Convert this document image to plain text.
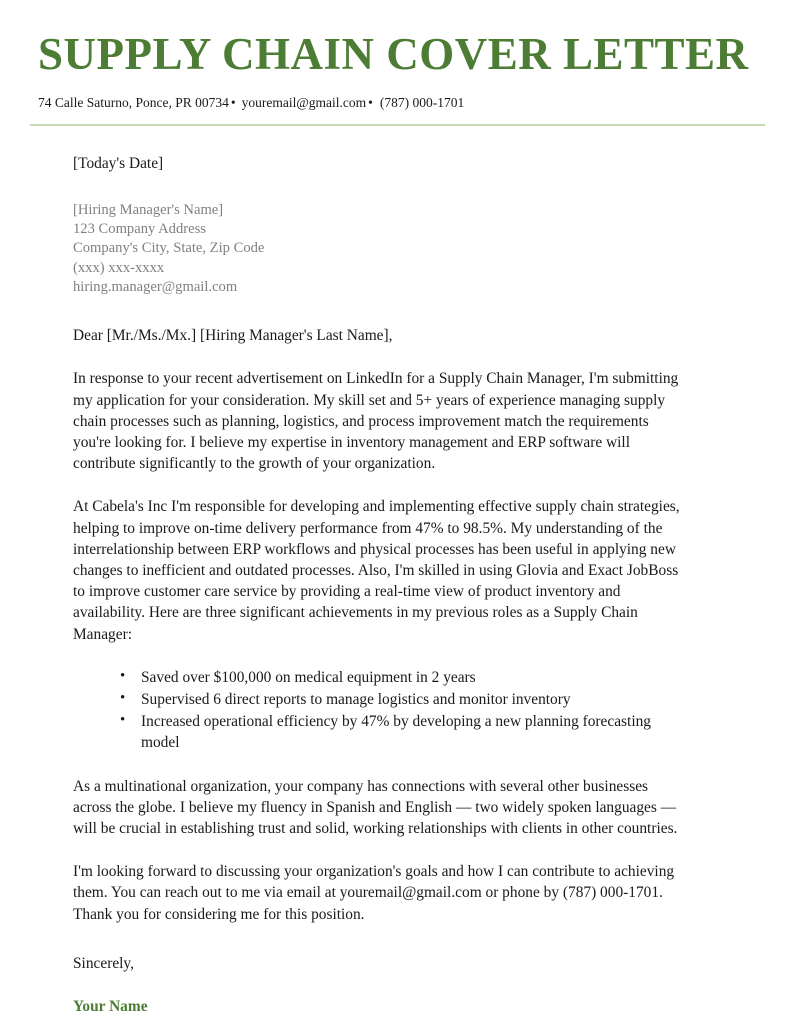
SUPPLY CHAIN COVER LETTER
74 Calle Saturno, Ponce, PR 00734 • youremail@gmail.com • (787) 000-1701

[Today's Date]

[Hiring Manager's Name]
123 Company Address
Company's City, State, Zip Code
(xxx) xxx-xxxx
hiring.manager@gmail.com

Dear [Mr./Ms./Mx.] [Hiring Manager's Last Name],

In response to your recent advertisement on LinkedIn for a Supply Chain Manager, I'm submitting my application for your consideration. My skill set and 5+ years of experience managing supply chain processes such as planning, logistics, and process improvement match the requirements you're looking for. I believe my expertise in inventory management and ERP software will contribute significantly to the growth of your organization.

At Cabela's Inc I'm responsible for developing and implementing effective supply chain strategies, helping to improve on-time delivery performance from 47% to 98.5%. My understanding of the interrelationship between ERP workflows and physical processes has been useful in applying new changes to inefficient and outdated processes. Also, I'm skilled in using Glovia and Exact JobBoss to improve customer care service by providing a real-time view of product inventory and availability. Here are three significant achievements in my previous roles as a Supply Chain Manager:

• Saved over $100,000 on medical equipment in 2 years
• Supervised 6 direct reports to manage logistics and monitor inventory
• Increased operational efficiency by 47% by developing a new planning forecasting model

As a multinational organization, your company has connections with several other businesses across the globe. I believe my fluency in Spanish and English — two widely spoken languages — will be crucial in establishing trust and solid, working relationships with clients in other countries.

I'm looking forward to discussing your organization's goals and how I can contribute to achieving them. You can reach out to me via email at youremail@gmail.com or phone by (787) 000-1701. Thank you for considering me for this position.

Sincerely,

Your Name
